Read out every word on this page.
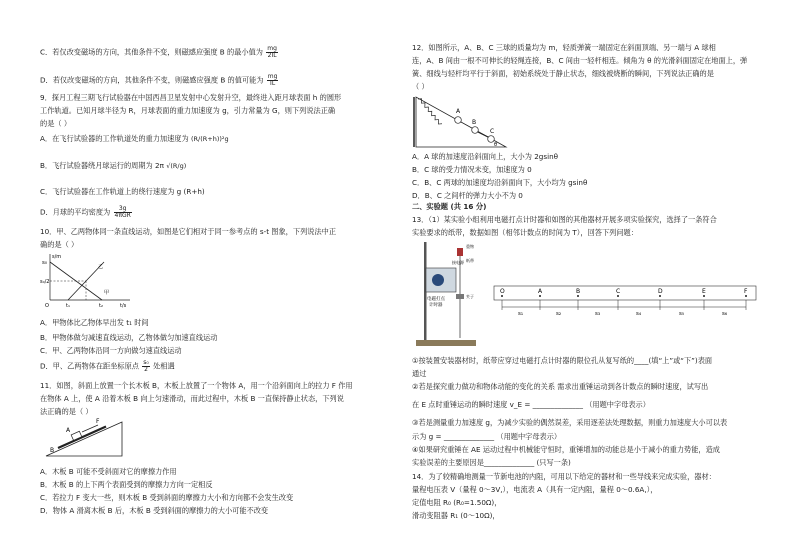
C．若仅改变磁场的方向，其他条件不变，则磁感应强度 B 的最小值为 $\frac{mg}{2IL}$
D．若仅改变磁场的方向，其他条件不变，则磁感应强度 B 的值可能为 $\frac{mg}{IL}$
9．探月工程三期飞行试验器在中国西昌卫星发射中心发射升空，最终进入距月球表面 h 的圆形
工作轨道。已知月球半径为 R，月球表面的重力加速度为 g，引力常量为 G，则下列说法正确
的是（ ）
A．在飞行试验器的工作轨道处的重力加速度为 (R/(R+h))²g
B．飞行试验器绕月球运行的周期为 2π √(R/g)
C．飞行试验器在工作轨道上的绕行速度为 g (R+h)
D．月球的平均密度为 $\frac{3g}{\text{4πGR}}$
10．甲、乙两物体同一条直线运动，如图是它们相对于同一参考点的 s-t 图象，下列说法中正
确的是（ ）
s/m
s₀
s₀/2
t₁	t₂	t/s
O
甲
乙
A．甲物体比乙物体早出发 t₁ 时间
B．甲物体做匀减速直线运动，乙物体做匀加速直线运动
C．甲、乙两物体沿同一方向做匀速直线运动
D．甲、乙两物体在距坐标原点 $\frac{\text{s₀}}{2}$ 处相遇
11．如图，斜面上放置一个长木板 B，木板上放置了一个物体 A，用一个沿斜面向上的拉力 F 作用
在物体 A 上，使 A 沿着木板 B 向上匀速滑动，而此过程中，木板 B 一直保持静止状态，下列说
法正确的是（ ）
F
A
B
A．木板 B 可能不受斜面对它的摩擦力作用
B．木板 B 的上下两个表面受到的摩擦力方向一定相反
C．若拉力 F 变大一些，则木板 B 受到斜面的摩擦力大小和方向都不会发生改变
D．物体 A 滑离木板 B 后，木板 B 受到斜面的摩擦力的大小可能不改变
12．如图所示，A、B、C 三球的质量均为 m，轻质弹簧一端固定在斜面顶端、另一端与 A 球相
连，A、B 间由一根不可伸长的轻绳连接，B、C 间由一轻杆相连。倾角为 θ 的光滑斜面固定在地面上，弹
簧、细线与轻杆均平行于斜面，初始系统处于静止状态，细线被烧断的瞬间，下列说法正确的是
（ ）
A
B
C
θ
A．A 球的加速度沿斜面向上，大小为 2gsinθ
B．C 球的受力情况未变，加速度为 0
C．B、C 两球的加速度均沿斜面向下，大小均为 gsinθ
D．B、C 之间杆的弹力大小不为 0
二、实验题 (共 16 分)
13．（1）某实验小组利用电磁打点计时器和如图的其他器材开展多项实验探究，选择了一条符合
实验要求的纸带，数据如图（相邻计数点的时间为 T），回答下列问题：
电磁打点
计时器
重物
纸带
夹子
接电源
O	A	B	C	D	E	F
s₁	s₂	s₃	s₄	s₅	s₆
①按装置安装器材时，纸带应穿过电磁打点计时器的限位孔从复写纸的____(填“上”或“下”)表面
通过
②若是探究重力做功和物体动能的变化的关系 需求出重锤运动到各计数点的瞬时速度，试写出
在 E 点时重锤运动的瞬时速度 v_E = ______________ （用题中字母表示）
③若是测量重力加速度 g，为减少实验的偶然误差，采用逐差法处理数据，则重力加速度大小可以表
示为 g = ______________ （用题中字母表示）
④如果研究重锤在 AE 运动过程中机械能守恒时，重锤增加的动能总是小于减小的重力势能，造成
实验误差的主要原因是______________ (只写一条)
14．为了较精确地测量一节新电池的内阻，可用以下给定的器材和一些导线来完成实验，器材：
量程电压表 V（量程 0～3V,），电流表 A（具有一定内阻，量程 0～0.6A,），
定值电阻 R₀ (R₀=1.50Ω)，
滑动变阻器 R₁ (0～10Ω)，
